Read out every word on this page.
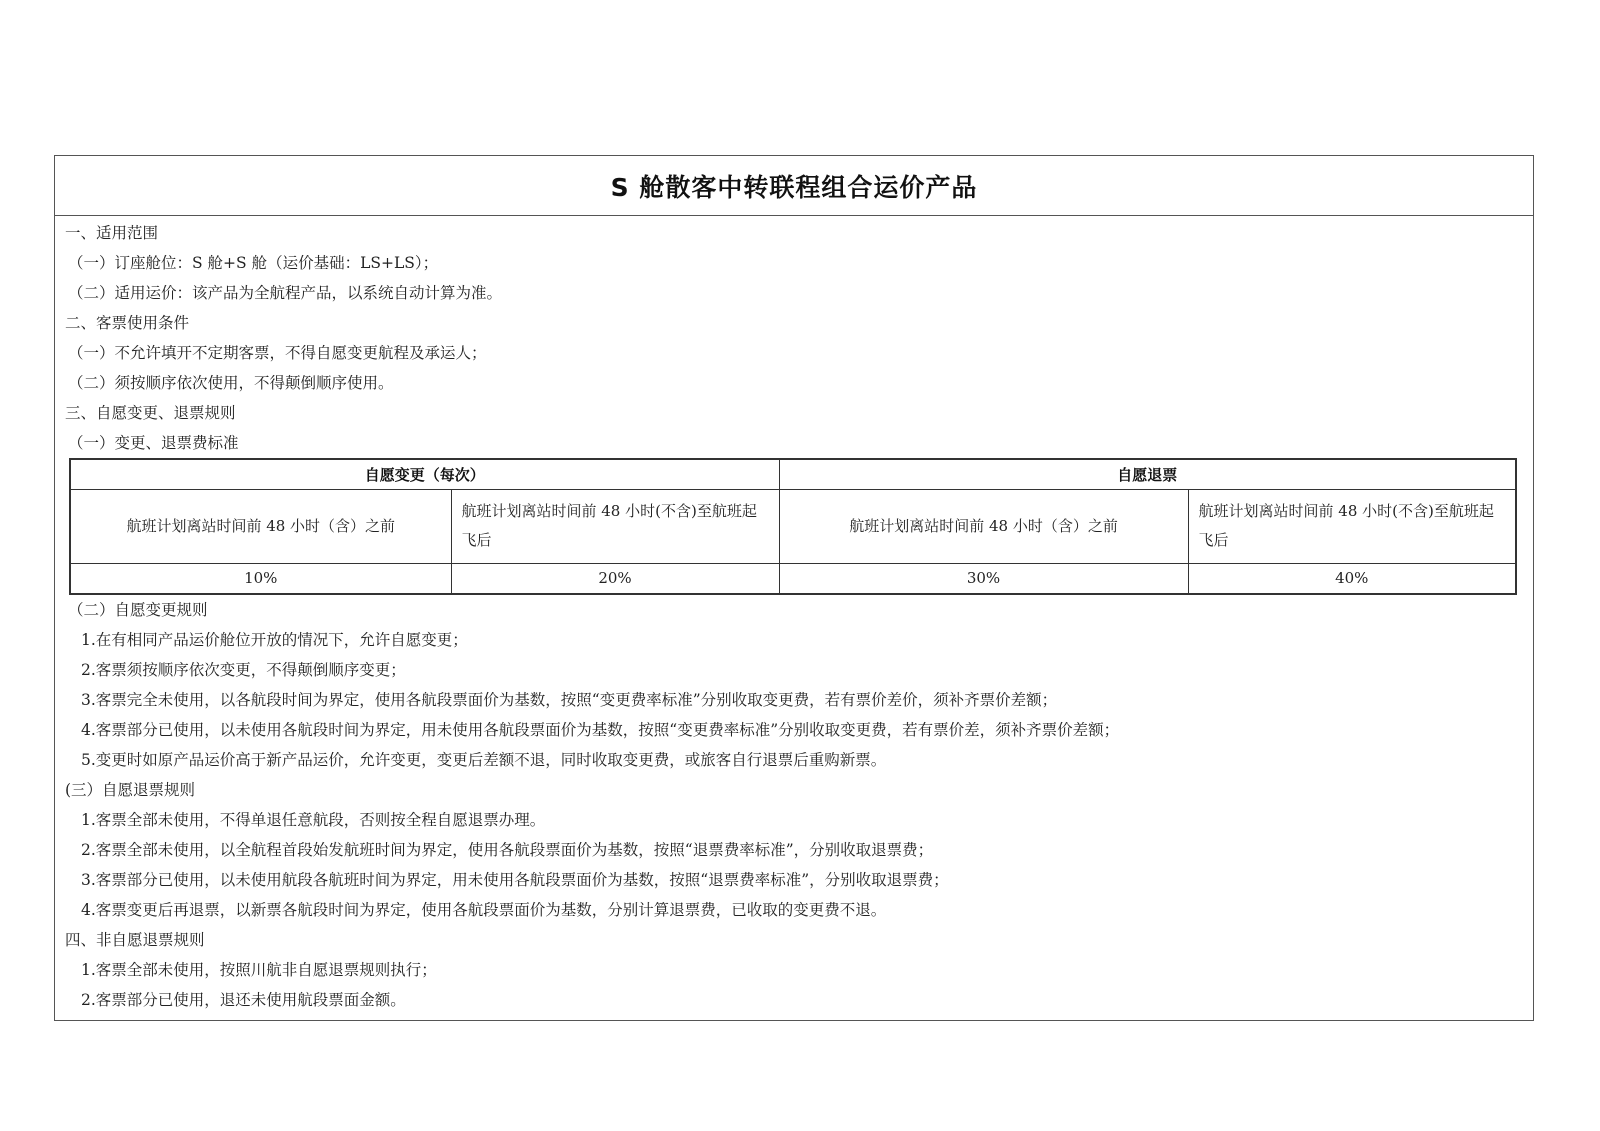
S 舱散客中转联程组合运价产品
一、适用范围
（一）订座舱位：S 舱+S 舱（运价基础：LS+LS）；
（二）适用运价：该产品为全航程产品，以系统自动计算为准。
二、客票使用条件
（一）不允许填开不定期客票，不得自愿变更航程及承运人；
（二）须按顺序依次使用，不得颠倒顺序使用。
三、自愿变更、退票规则
（一）变更、退票费标准
自愿变更（每次）		自愿退票	
航班计划离站时间前 48 小时（含）之前	航班计划离站时间前 48 小时(不含)至航班起飞后	航班计划离站时间前 48 小时（含）之前	航班计划离站时间前 48 小时(不含)至航班起飞后
10%	20%	30%	40%
（二）自愿变更规则
1.在有相同产品运价舱位开放的情况下，允许自愿变更；
2.客票须按顺序依次变更，不得颠倒顺序变更；
3.客票完全未使用，以各航段时间为界定，使用各航段票面价为基数，按照“变更费率标准”分别收取变更费，若有票价差价，须补齐票价差额；
4.客票部分已使用，以未使用各航段时间为界定，用未使用各航段票面价为基数，按照“变更费率标准”分别收取变更费，若有票价差，须补齐票价差额；
5.变更时如原产品运价高于新产品运价，允许变更，变更后差额不退，同时收取变更费，或旅客自行退票后重购新票。
(三）自愿退票规则
1.客票全部未使用，不得单退任意航段，否则按全程自愿退票办理。
2.客票全部未使用，以全航程首段始发航班时间为界定，使用各航段票面价为基数，按照“退票费率标准”，分别收取退票费；
3.客票部分已使用，以未使用航段各航班时间为界定，用未使用各航段票面价为基数，按照“退票费率标准”，分别收取退票费；
4.客票变更后再退票，以新票各航段时间为界定，使用各航段票面价为基数，分别计算退票费，已收取的变更费不退。
四、非自愿退票规则
1.客票全部未使用，按照川航非自愿退票规则执行；
2.客票部分已使用，退还未使用航段票面金额。
